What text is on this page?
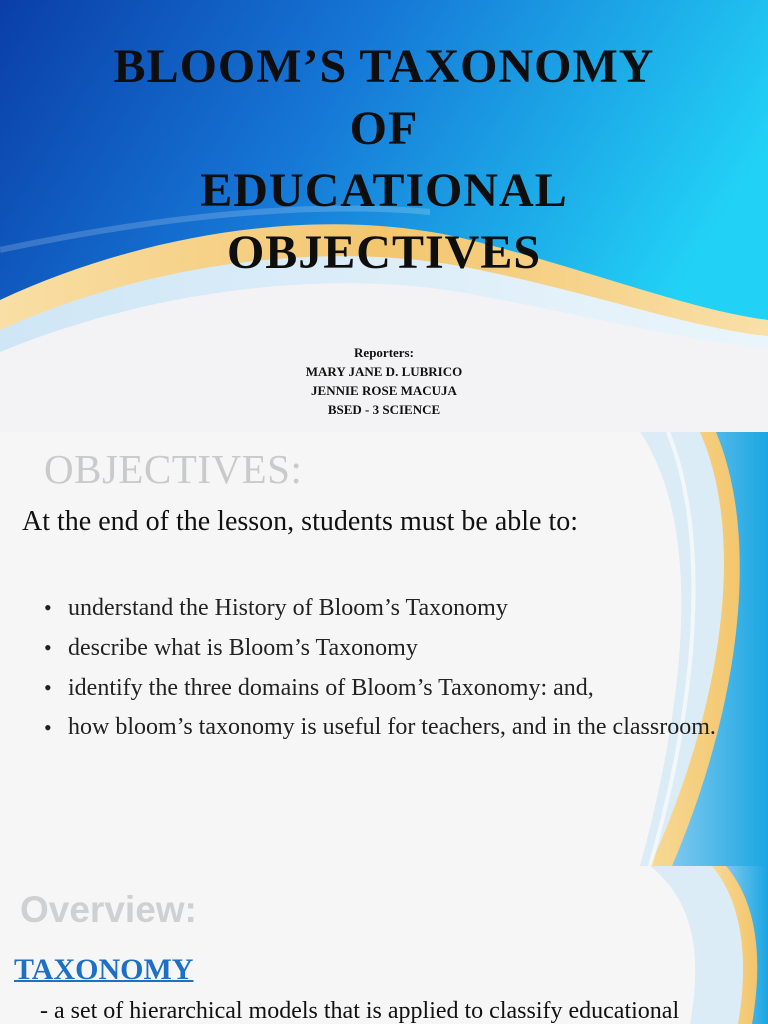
BLOOM’S TAXONOMY
OF
EDUCATIONAL
OBJECTIVES
Reporters:
MARY JANE D. LUBRICO
JENNIE ROSE MACUJA
BSED - 3 SCIENCE
OBJECTIVES:
At the end of the lesson, students must be able to:
• understand the History of Bloom’s Taxonomy
• describe what is Bloom’s Taxonomy
• identify the three domains of Bloom’s Taxonomy: and,
• how bloom’s taxonomy is useful for teachers, and in the classroom.
Overview:
TAXONOMY
- a set of hierarchical models that is applied to classify educational
